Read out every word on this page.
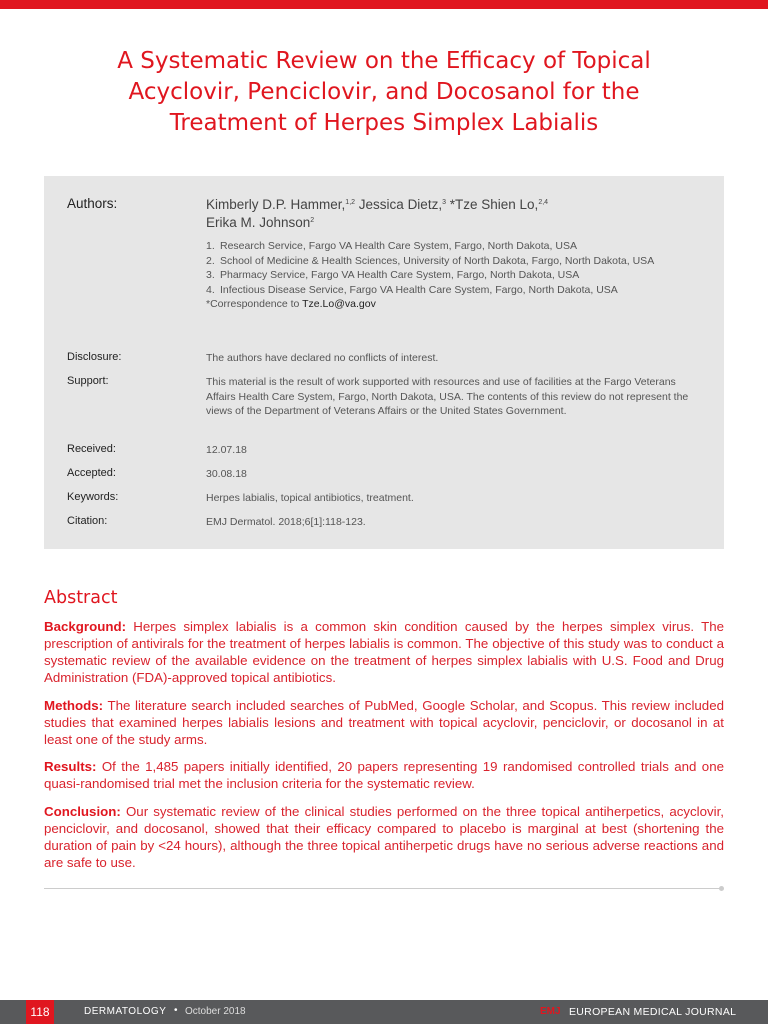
A Systematic Review on the Efficacy of Topical
Acyclovir, Penciclovir, and Docosanol for the
Treatment of Herpes Simplex Labialis
Authors:	Kimberly D.P. Hammer,$^{1,2}$ Jessica Dietz,$^3$ *Tze Shien Lo,$^{2,4}$
Erika M. Johnson$^2$
1. Research Service, Fargo VA Health Care System, Fargo, North Dakota, USA
2. School of Medicine & Health Sciences, University of North Dakota, Fargo, North Dakota, USA
3. Pharmacy Service, Fargo VA Health Care System, Fargo, North Dakota, USA
4. Infectious Disease Service, Fargo VA Health Care System, Fargo, North Dakota, USA
*Correspondence to Tze.Lo@va.gov
Disclosure:	The authors have declared no conflicts of interest.
Support:	This material is the result of work supported with resources and use of facilities at the Fargo Veterans Affairs Health Care System, Fargo, North Dakota, USA. The contents of this review do not represent the views of the Department of Veterans Affairs or the United States Government.
Received:	12.07.18
Accepted:	30.08.18
Keywords:	Herpes labialis, topical antibiotics, treatment.
Citation:	EMJ Dermatol. 2018;6[1]:118-123.
Abstract

Background: Herpes simplex labialis is a common skin condition caused by the herpes simplex virus. The prescription of antivirals for the treatment of herpes labialis is common. The objective of this study was to conduct a systematic review of the available evidence on the treatment of herpes simplex labialis with U.S. Food and Drug Administration (FDA)-approved topical antibiotics.

Methods: The literature search included searches of PubMed, Google Scholar, and Scopus. This review included studies that examined herpes labialis lesions and treatment with topical acyclovir, penciclovir, or docosanol in at least one of the study arms.

Results: Of the 1,485 papers initially identified, 20 papers representing 19 randomised controlled trials and one quasi-randomised trial met the inclusion criteria for the systematic review.

Conclusion: Our systematic review of the clinical studies performed on the three topical antiherpetics, acyclovir, penciclovir, and docosanol, showed that their efficacy compared to placebo is marginal at best (shortening the duration of pain by <24 hours), although the three topical antiherpetic drugs have no serious adverse reactions and are safe to use.

118	DERMATOLOGY • October 2018	EMJ EUROPEAN MEDICAL JOURNAL
